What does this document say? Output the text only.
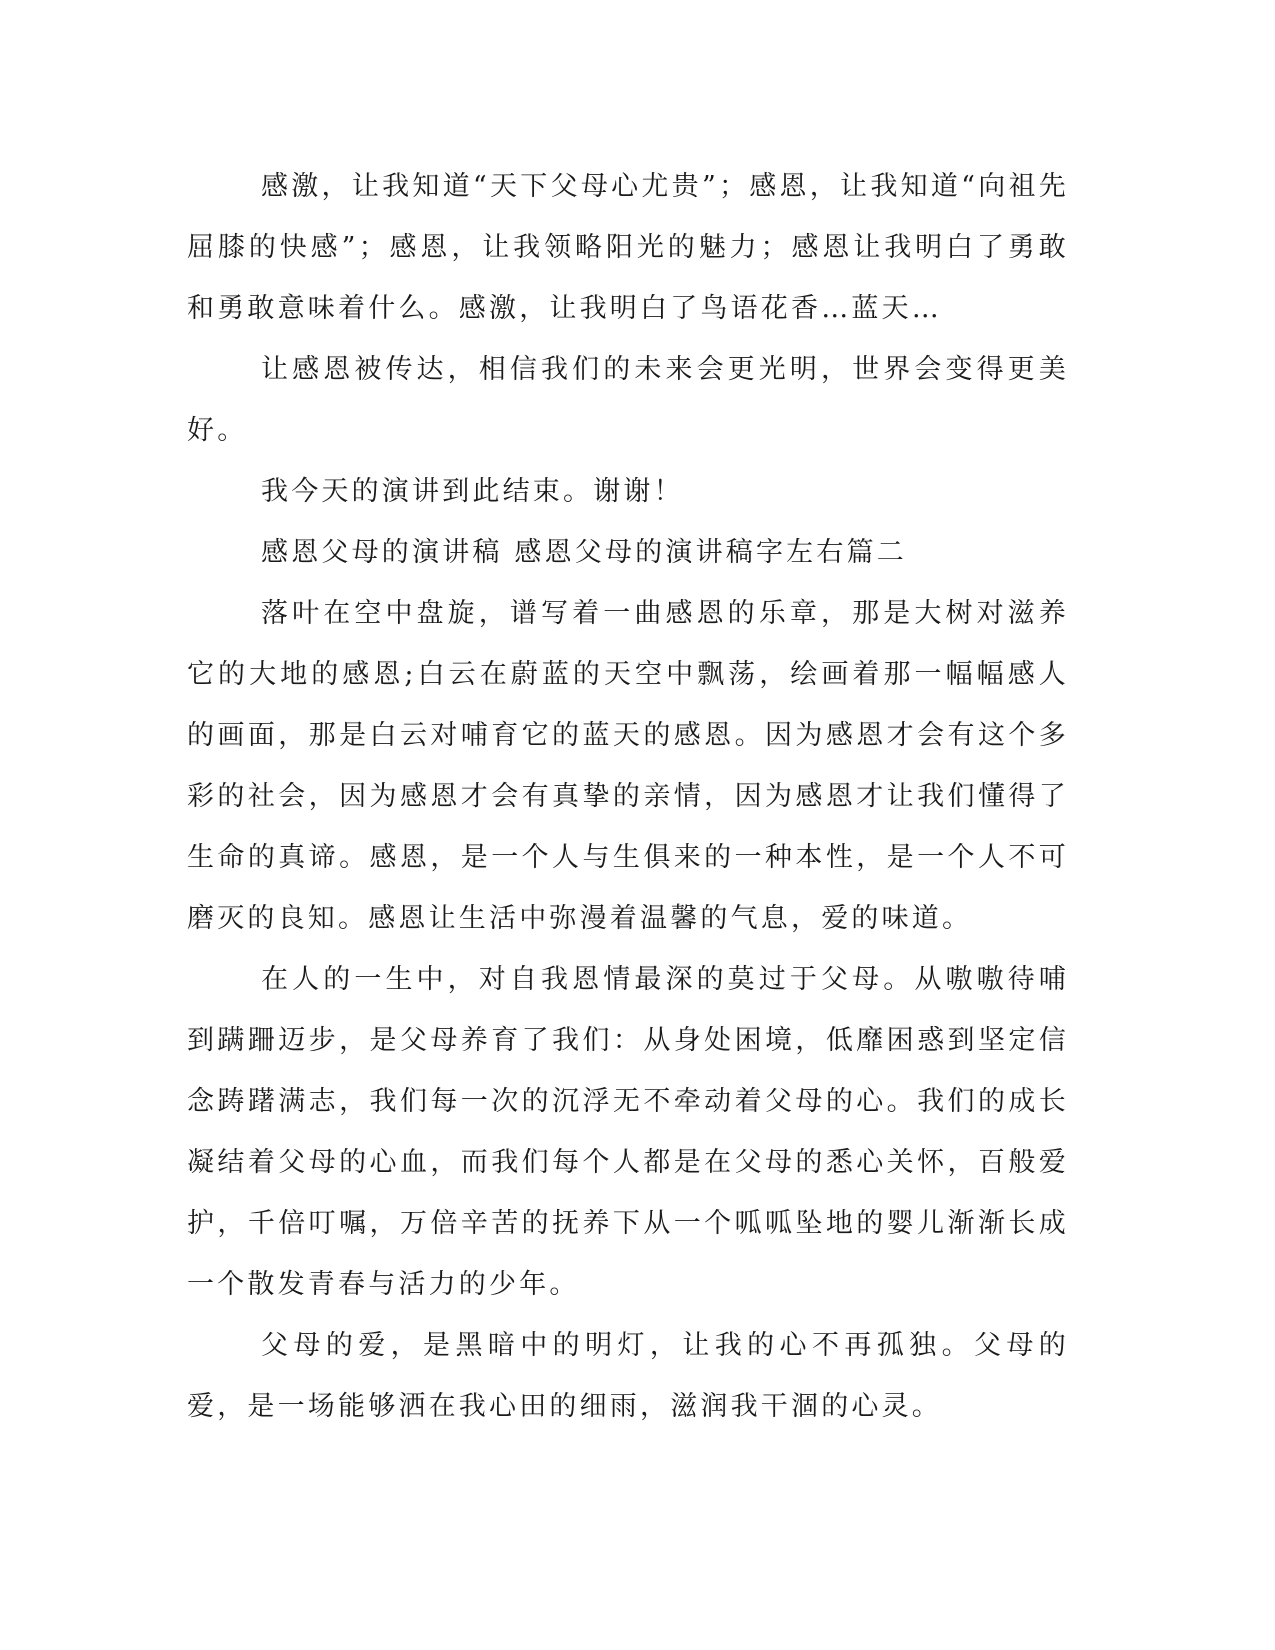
感激，让我知道“天下父母心尤贵”；感恩，让我知道“向祖先屈膝的快感”；感恩，让我领略阳光的魅力；感恩让我明白了勇敢和勇敢意味着什么。感激，让我明白了鸟语花香…蓝天…

让感恩被传达，相信我们的未来会更光明，世界会变得更美好。

我今天的演讲到此结束。谢谢！

感恩父母的演讲稿 感恩父母的演讲稿字左右篇二

落叶在空中盘旋，谱写着一曲感恩的乐章，那是大树对滋养它的大地的感恩;白云在蔚蓝的天空中飘荡，绘画着那一幅幅感人的画面，那是白云对哺育它的蓝天的感恩。因为感恩才会有这个多彩的社会，因为感恩才会有真挚的亲情，因为感恩才让我们懂得了生命的真谛。感恩，是一个人与生俱来的一种本性，是一个人不可磨灭的良知。感恩让生活中弥漫着温馨的气息，爱的味道。

在人的一生中，对自我恩情最深的莫过于父母。从嗷嗷待哺到蹒跚迈步，是父母养育了我们：从身处困境，低靡困惑到坚定信念踌躇满志，我们每一次的沉浮无不牵动着父母的心。我们的成长凝结着父母的心血，而我们每个人都是在父母的悉心关怀，百般爱护，千倍叮嘱，万倍辛苦的抚养下从一个呱呱坠地的婴儿渐渐长成一个散发青春与活力的少年。

父母的爱，是黑暗中的明灯，让我的心不再孤独。父母的爱，是一场能够洒在我心田的细雨，滋润我干涸的心灵。
